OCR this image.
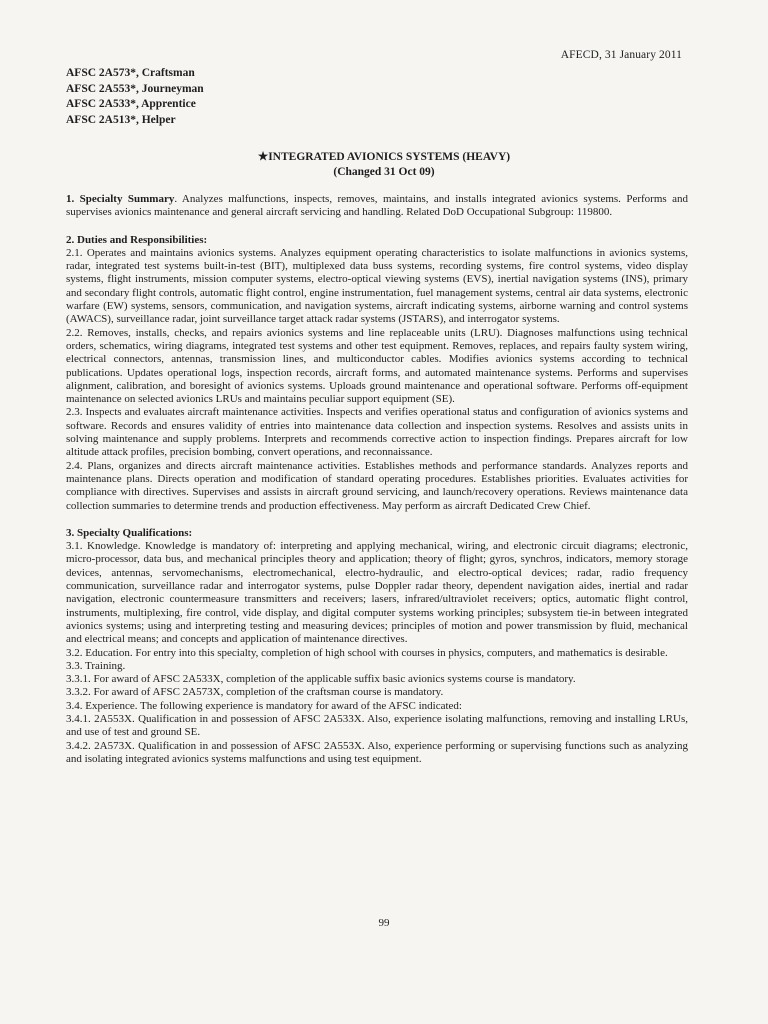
AFECD, 31 January 2011
AFSC 2A573*, Craftsman
AFSC 2A553*, Journeyman
AFSC 2A533*, Apprentice
AFSC 2A513*, Helper
★INTEGRATED AVIONICS SYSTEMS (HEAVY)
(Changed 31 Oct 09)

1. Specialty Summary. Analyzes malfunctions, inspects, removes, maintains, and installs integrated avionics systems. Performs and supervises avionics maintenance and general aircraft servicing and handling. Related DoD Occupational Subgroup: 119800.

2. Duties and Responsibilities:

2.1. Operates and maintains avionics systems. Analyzes equipment operating characteristics to isolate malfunctions in avionics systems, radar, integrated test systems built-in-test (BIT), multiplexed data buss systems, recording systems, fire control systems, video display systems, flight instruments, mission computer systems, electro-optical viewing systems (EVS), inertial navigation systems (INS), primary and secondary flight controls, automatic flight control, engine instrumentation, fuel management systems, central air data systems, electronic warfare (EW) systems, sensors, communication, and navigation systems, aircraft indicating systems, airborne warning and control systems (AWACS), surveillance radar, joint surveillance target attack radar systems (JSTARS), and interrogator systems.

2.2. Removes, installs, checks, and repairs avionics systems and line replaceable units (LRU). Diagnoses malfunctions using technical orders, schematics, wiring diagrams, integrated test systems and other test equipment. Removes, replaces, and repairs faulty system wiring, electrical connectors, antennas, transmission lines, and multiconductor cables. Modifies avionics systems according to technical publications. Updates operational logs, inspection records, aircraft forms, and automated maintenance systems. Performs and supervises alignment, calibration, and boresight of avionics systems. Uploads ground maintenance and operational software. Performs off-equipment maintenance on selected avionics LRUs and maintains peculiar support equipment (SE).

2.3. Inspects and evaluates aircraft maintenance activities. Inspects and verifies operational status and configuration of avionics systems and software. Records and ensures validity of entries into maintenance data collection and inspection systems. Resolves and assists units in solving maintenance and supply problems. Interprets and recommends corrective action to inspection findings. Prepares aircraft for low altitude attack profiles, precision bombing, convert operations, and reconnaissance.

2.4. Plans, organizes and directs aircraft maintenance activities. Establishes methods and performance standards. Analyzes reports and maintenance plans. Directs operation and modification of standard operating procedures. Establishes priorities. Evaluates activities for compliance with directives. Supervises and assists in aircraft ground servicing, and launch/recovery operations. Reviews maintenance data collection summaries to determine trends and production effectiveness. May perform as aircraft Dedicated Crew Chief.

3. Specialty Qualifications:

3.1. Knowledge. Knowledge is mandatory of: interpreting and applying mechanical, wiring, and electronic circuit diagrams; electronic, micro-processor, data bus, and mechanical principles theory and application; theory of flight; gyros, synchros, indicators, memory storage devices, antennas, servomechanisms, electromechanical, electro-hydraulic, and electro-optical devices; radar, radio frequency communication, surveillance radar and interrogator systems, pulse Doppler radar theory, dependent navigation aides, inertial and radar navigation, electronic countermeasure transmitters and receivers; lasers, infrared/ultraviolet receivers; optics, automatic flight control, instruments, multiplexing, fire control, vide display, and digital computer systems working principles; subsystem tie-in between integrated avionics systems; using and interpreting testing and measuring devices; principles of motion and power transmission by fluid, mechanical and electrical means; and concepts and application of maintenance directives.

3.2. Education. For entry into this specialty, completion of high school with courses in physics, computers, and mathematics is desirable.

3.3. Training.

3.3.1. For award of AFSC 2A533X, completion of the applicable suffix basic avionics systems course is mandatory.

3.3.2. For award of AFSC 2A573X, completion of the craftsman course is mandatory.

3.4. Experience. The following experience is mandatory for award of the AFSC indicated:

3.4.1. 2A553X. Qualification in and possession of AFSC 2A533X. Also, experience isolating malfunctions, removing and installing LRUs, and use of test and ground SE.

3.4.2. 2A573X. Qualification in and possession of AFSC 2A553X. Also, experience performing or supervising functions such as analyzing and isolating integrated avionics systems malfunctions and using test equipment.

99
